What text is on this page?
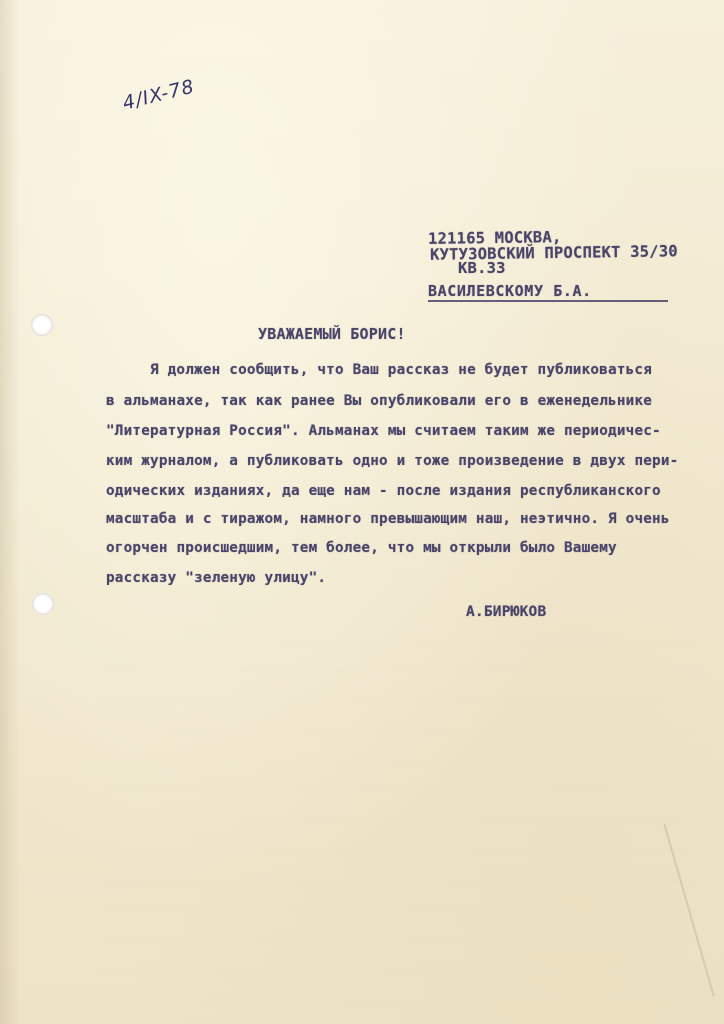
4/IX-78
121165 МОСКВА,
КУТУЗОВСКИЙ ПРОСПЕКТ 35/30
КВ.33
ВАСИЛЕВСКОМУ Б.А.
УВАЖАЕМЫЙ БОРИС!
Я должен сообщить, что Ваш рассказ не будет публиковаться
в альманахе, так как ранее Вы опубликовали его в еженедельнике
"Литературная Россия". Альманах мы считаем таким же периодичес-
ким журналом, а публиковать одно и тоже произведение в двух пери-
одических изданиях, да еще нам - после издания республиканского
масштаба и с тиражом, намного превышающим наш, неэтично. Я очень
огорчен происшедшим, тем более, что мы открыли было Вашему
рассказу "зеленую улицу".
А.БИРЮКОВ
